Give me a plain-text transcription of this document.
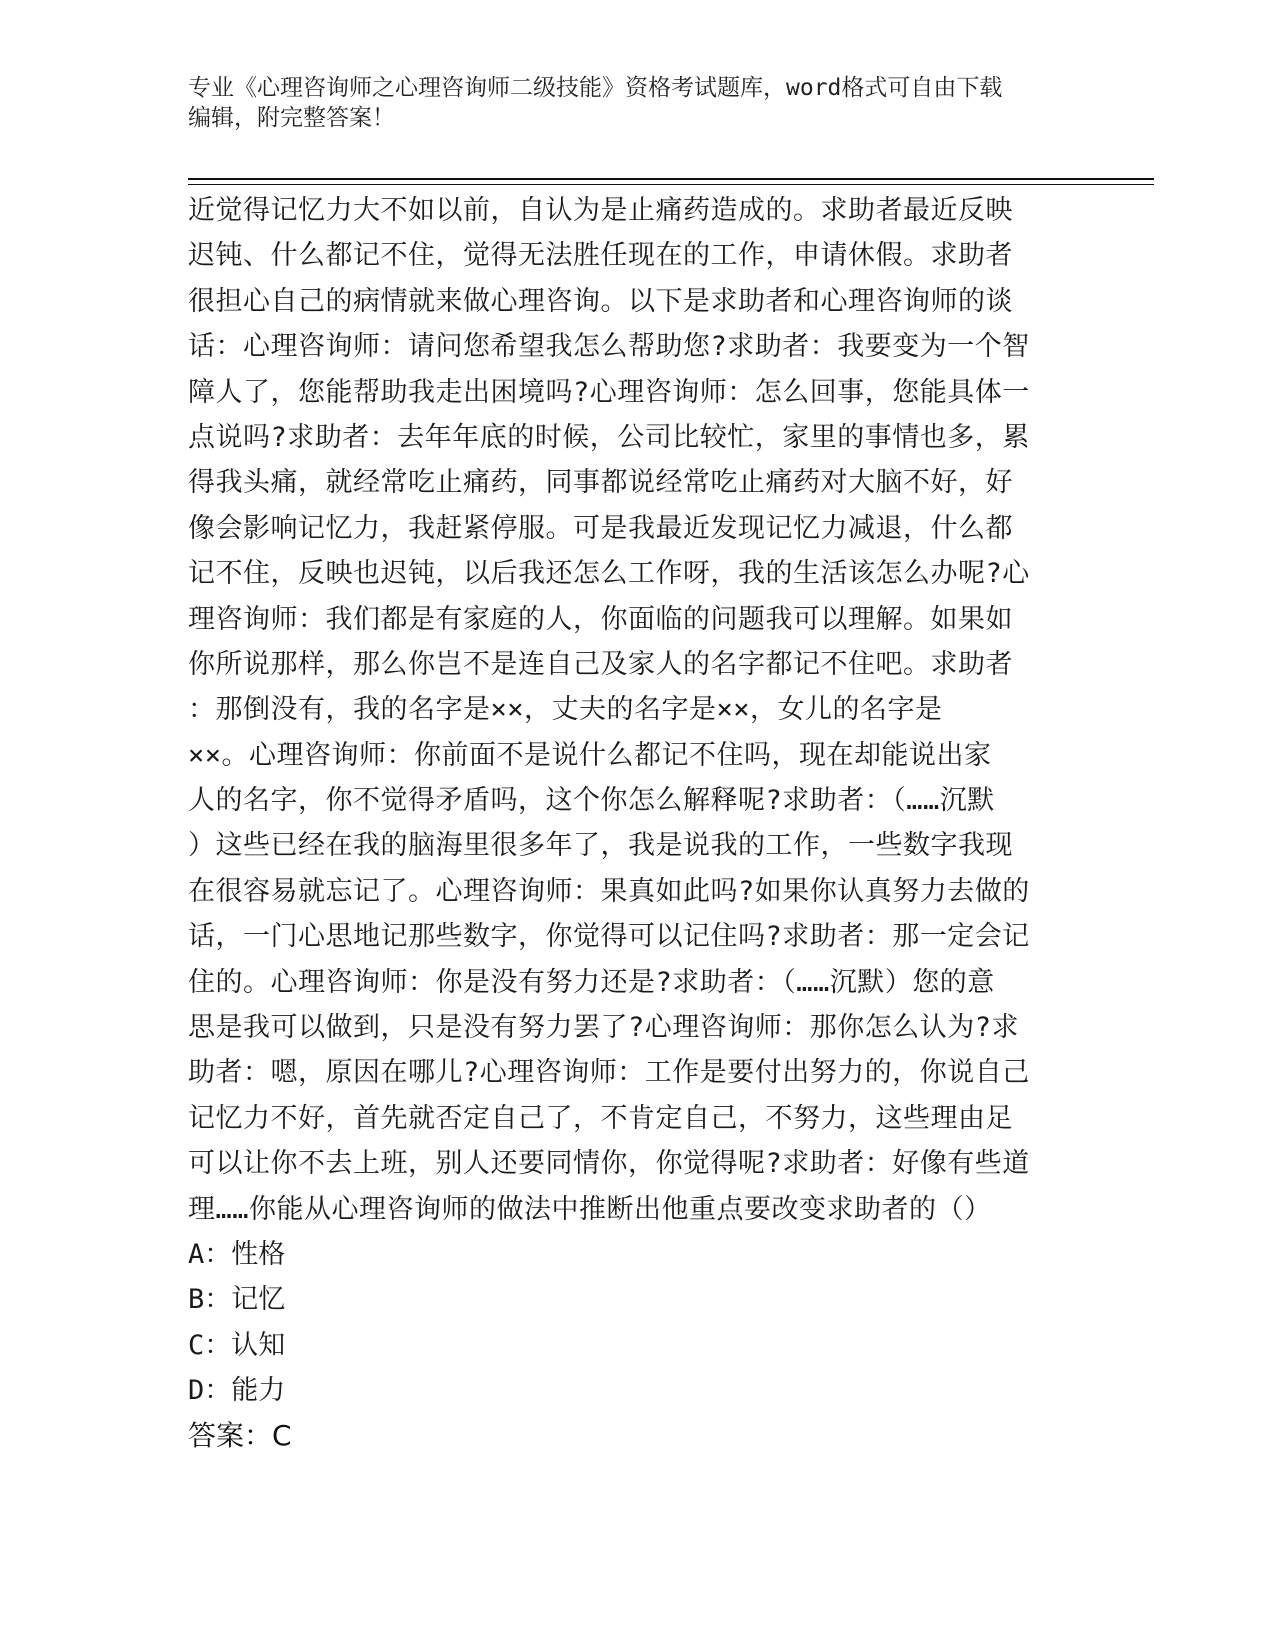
专业《心理咨询师之心理咨询师二级技能》资格考试题库，word格式可自由下载
编辑，附完整答案！
近觉得记忆力大不如以前，自认为是止痛药造成的。求助者最近反映
迟钝、什么都记不住，觉得无法胜任现在的工作，申请休假。求助者
很担心自己的病情就来做心理咨询。以下是求助者和心理咨询师的谈
话：心理咨询师：请问您希望我怎么帮助您?求助者：我要变为一个智
障人了，您能帮助我走出困境吗?心理咨询师：怎么回事，您能具体一
点说吗?求助者：去年年底的时候，公司比较忙，家里的事情也多，累
得我头痛，就经常吃止痛药，同事都说经常吃止痛药对大脑不好，好
像会影响记忆力，我赶紧停服。可是我最近发现记忆力减退，什么都
记不住，反映也迟钝，以后我还怎么工作呀，我的生活该怎么办呢?心
理咨询师：我们都是有家庭的人，你面临的问题我可以理解。如果如
你所说那样，那么你岂不是连自己及家人的名字都记不住吧。求助者
：那倒没有，我的名字是××，丈夫的名字是××，女儿的名字是
××。心理咨询师：你前面不是说什么都记不住吗，现在却能说出家
人的名字，你不觉得矛盾吗，这个你怎么解释呢?求助者：（……沉默
）这些已经在我的脑海里很多年了，我是说我的工作，一些数字我现
在很容易就忘记了。心理咨询师：果真如此吗?如果你认真努力去做的
话，一门心思地记那些数字，你觉得可以记住吗?求助者：那一定会记
住的。心理咨询师：你是没有努力还是?求助者：（……沉默）您的意
思是我可以做到，只是没有努力罢了?心理咨询师：那你怎么认为?求
助者：嗯，原因在哪儿?心理咨询师：工作是要付出努力的，你说自己
记忆力不好，首先就否定自己了，不肯定自己，不努力，这些理由足
可以让你不去上班，别人还要同情你，你觉得呢?求助者：好像有些道
理……你能从心理咨询师的做法中推断出他重点要改变求助者的（）
A：性格
B：记忆
C：认知
D：能力
答案：C
